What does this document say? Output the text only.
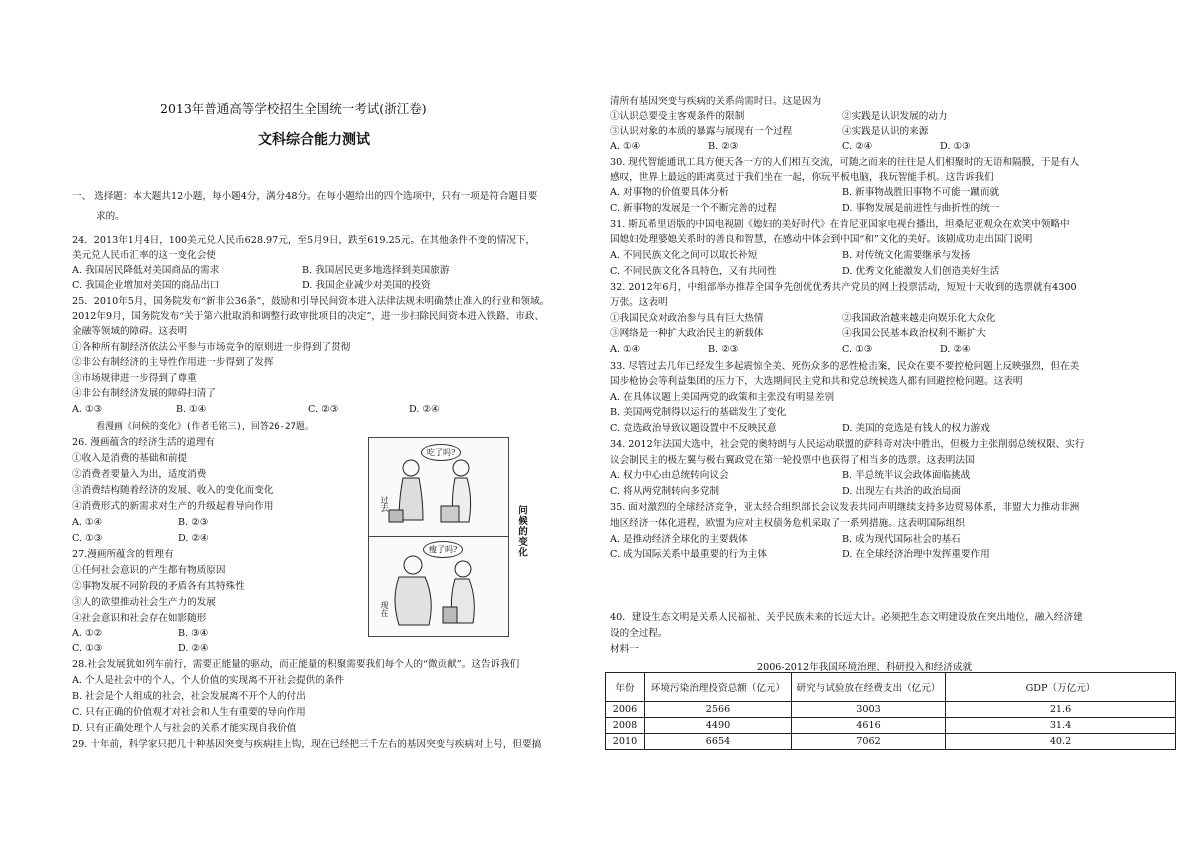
2013年普通高等学校招生全国统一考试(浙江卷)
文科综合能力测试
一、 选择题：本大题共12小题，每小题4分，满分48分。在每小题给出的四个选项中，只有一项是符合题目要
求的。
24．2013年1月4日，100美元兑人民币628.97元，至5月9日，跌至619.25元。在其他条件不变的情况下，
美元兑人民币汇率的这一变化会使
A. 我国居民降低对美国商品的需求	B. 我国居民更多地选择到美国旅游
C. 我国企业增加对美国的商品出口	D. 我国企业减少对美国的投资
25．2010年5月，国务院发布“新非公36条”，鼓励和引导民间资本进入法律法规未明确禁止准入的行业和领域。
2012年9月，国务院发布“关于第六批取消和调整行政审批项目的决定”，进一步扫除民间资本进入铁路、市政、
金融等领域的障碍。这表明
①各种所有制经济依法公平参与市场竞争的原则进一步得到了贯彻
②非公有制经济的主导性作用进一步得到了发挥
③市场规律进一步得到了尊重
④非公有制经济发展的障碍扫清了
A. ①③	B. ①④	C. ②③	D. ②④
看漫画《问候的变化》(作者毛铭三)，回答26-27题。
26. 漫画蕴含的经济生活的道理有
①收入是消费的基础和前提
②消费者要量入为出，适度消费
③消费结构随着经济的发展、收入的变化而变化
④消费形式的新需求对生产的升级起着导向作用
A. ①④	B. ②③
C. ①③	D. ②④
27.漫画所蕴含的哲理有
①任何社会意识的产生都有物质原因
②事物发展不同阶段的矛盾各有其特殊性
③人的欲望推动社会生产力的发展
④社会意识和社会存在如影随形
A. ①②	B. ③④
C. ①③	D. ②④
28.社会发展犹如列车前行，需要正能量的驱动，而正能量的积聚需要我们每个人的“微贡献”。这告诉我们
A. 个人是社会中的个人，个人价值的实现离不开社会提供的条件
B. 社会是个人组成的社会，社会发展离不开个人的付出
C. 只有正确的价值观才对社会和人生有重要的导向作用
D. 只有正确处理个人与社会的关系才能实现自我价值
29. 十年前，科学家只把几十种基因突变与疾病挂上钩，现在已经把三千左右的基因突变与疾病对上号，但要搞
吃了吗?
过去
瘦了吗?
现在
问候的变化
清所有基因突变与疾病的关系尚需时日。这是因为
①认识总要受主客观条件的限制	②实践是认识发展的动力
③认识对象的本质的暴露与展现有一个过程	④实践是认识的来源
A. ①④	B. ②③	C. ②④	D. ①③
30. 现代智能通讯工具方便天各一方的人们相互交流，可随之而来的往往是人们相聚时的无语和隔膜，于是有人
感叹，世界上最远的距离莫过于我们坐在一起，你玩平板电脑，我玩智能手机。这告诉我们
A. 对事物的价值要具体分析	B. 新事物战胜旧事物不可能一蹴而就
C. 新事物的发展是一个不断完善的过程	D. 事物发展是前进性与曲折性的统一
31. 斯瓦希里语版的中国电视剧《媳妇的美好时代》在肯尼亚国家电视台播出，坦桑尼亚观众在欢笑中领略中
国媳妇处理婆媳关系时的善良和智慧，在感动中体会到中国“和”文化的美好。该剧成功走出国门说明
A. 不同民族文化之间可以取长补短	B. 对传统文化需要继承与发扬
C. 不同民族文化各具特色，又有共同性	D. 优秀文化能激发人们创造美好生活
32. 2012年6月，中组部举办推荐全国争先创优优秀共产党员的网上投票活动，短短十天收到的选票就有4300
万张。这表明
①我国民众对政治参与具有巨大热情	②我国政治越来越走向娱乐化大众化
③网络是一种扩大政治民主的新载体	④我国公民基本政治权利不断扩大
A. ①④	B. ②③	C. ①③	D. ②④
33. 尽管过去几年已经发生多起震惊全美、死伤众多的恶性枪击案，民众在要不要控枪问题上反映强烈，但在美
国步枪协会等利益集团的压力下，大选期间民主党和共和党总统候选人都有回避控枪问题。这表明
A. 在具体议题上美国两党的政策和主张没有明显差别
B. 美国两党制得以运行的基础发生了变化
C. 竞选政治导致议题设置中不反映民意	D. 美国的竞选是有钱人的权力游戏
34. 2012年法国大选中，社会党的奥特朗与人民运动联盟的萨科奇对决中胜出，但极力主张削弱总统权限、实行
议会制民主的极左翼与极右翼政党在第一轮投票中也获得了相当多的选票。这表明法国
A. 权力中心由总统转向议会	B. 半总统半议会政体面临挑战
C. 将从两党制转向多党制	D. 出现左右共治的政治局面
35. 面对激烈的全球经济竞争，亚太经合组织部长会议发表共同声明继续支持多边贸易体系，非盟大力推动非洲
地区经济一体化进程，欧盟为应对主权债务危机采取了一系列措施。这表明国际组织
A. 是推动经济全球化的主要载体	B. 成为现代国际社会的基石
C. 成为国际关系中最重要的行为主体	D. 在全球经济治理中发挥重要作用
40．建设生态文明是关系人民福祉、关乎民族未来的长远大计。必须把生态文明建设放在突出地位，融入经济建
设的全过程。
材料一
2006-2012年我国环境治理、科研投入和经济成就
年份	环境污染治理投资总额（亿元）	研究与试验放在经费支出（亿元）	GDP（万亿元）
2006	2566	3003	21.6
2008	4490	4616	31.4
2010	6654	7062	40.2
